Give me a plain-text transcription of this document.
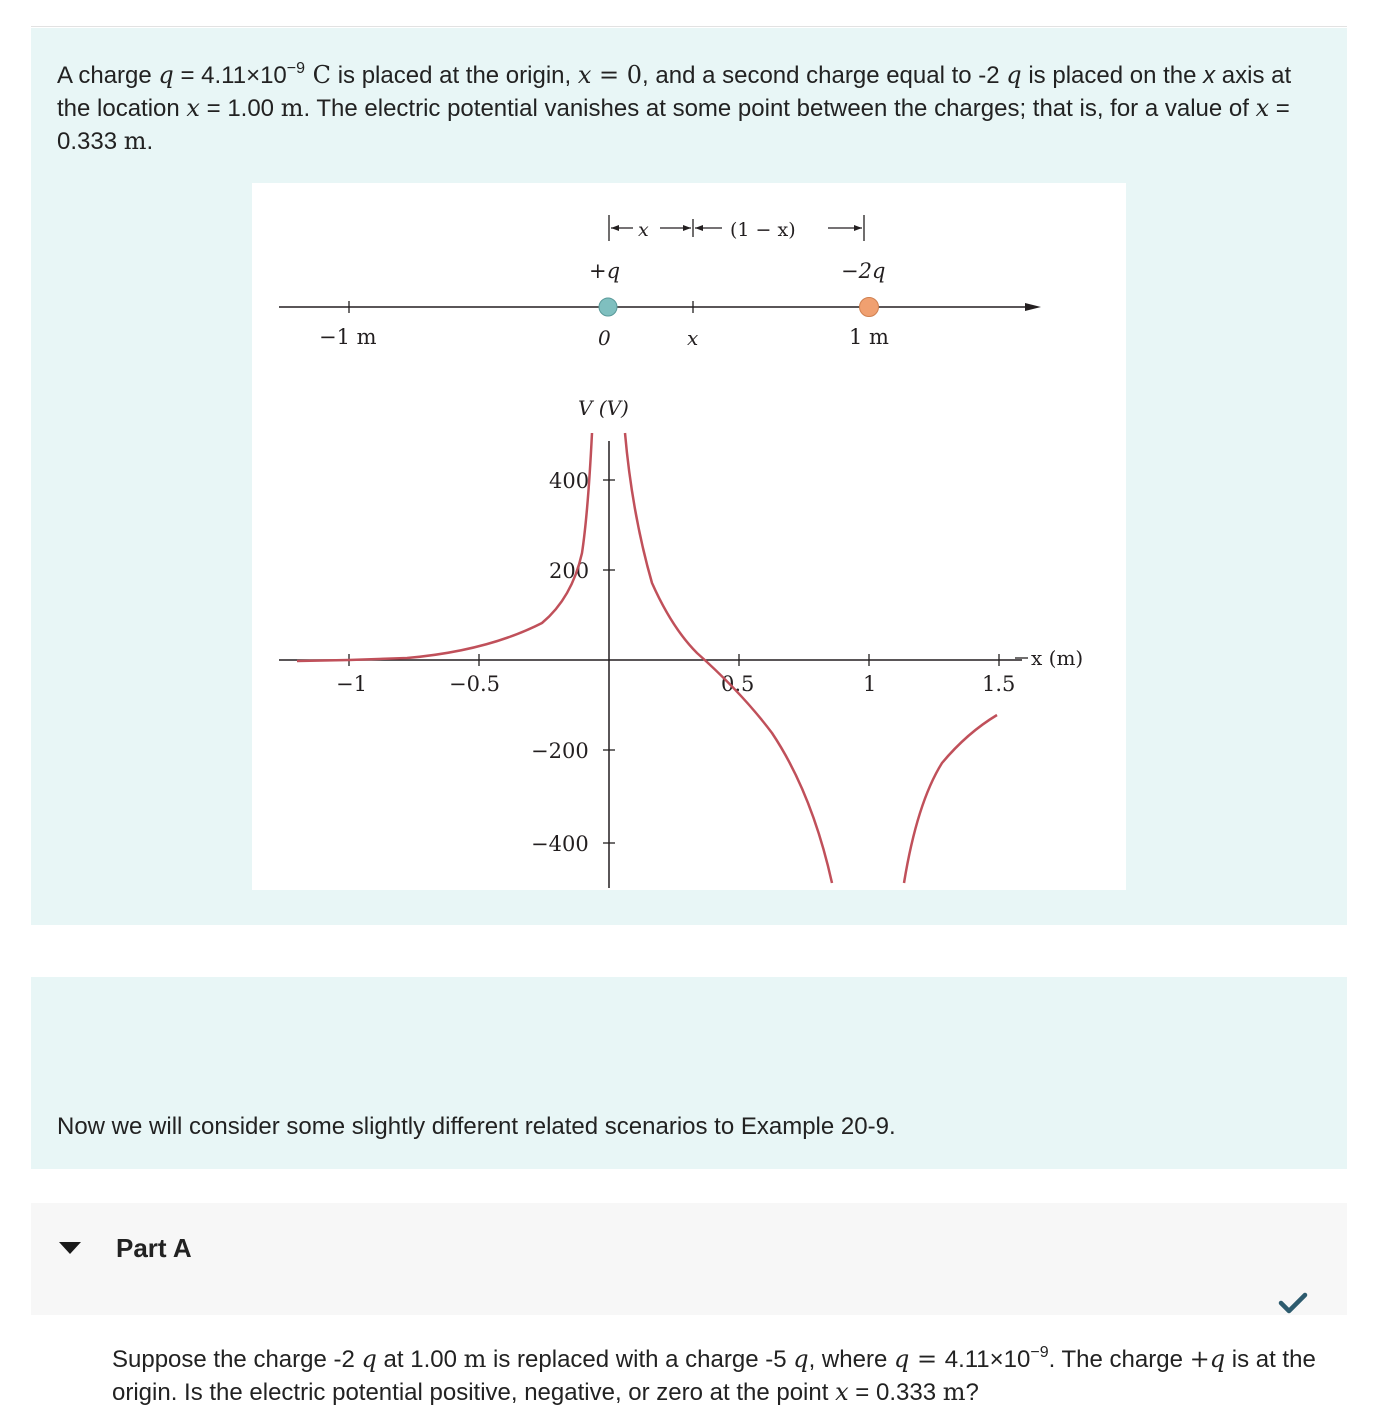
A charge $q = 4.11\times 10^{-9}$ C is placed at the origin, x = 0, and a second charge equal to -2 q is placed on the x axis at the location x = 1.00 m. The electric potential vanishes at some point between the charges; that is, for a value of x = 0.333 m.

x	(1 − x)
+q	−2q
−1 m	0	x	1 m
V (V)
400
200
−200
−400
−1	−0.5	0.5	1	1.5
x (m)

Now we will consider some slightly different related scenarios to Example 20-9.

Part A

Suppose the charge -2 q at 1.00 m is replaced with a charge -5 q, where $q = 4.11\times 10^{-9}$. The charge +q is at the origin. Is the electric potential positive, negative, or zero at the point x = 0.333 m?
